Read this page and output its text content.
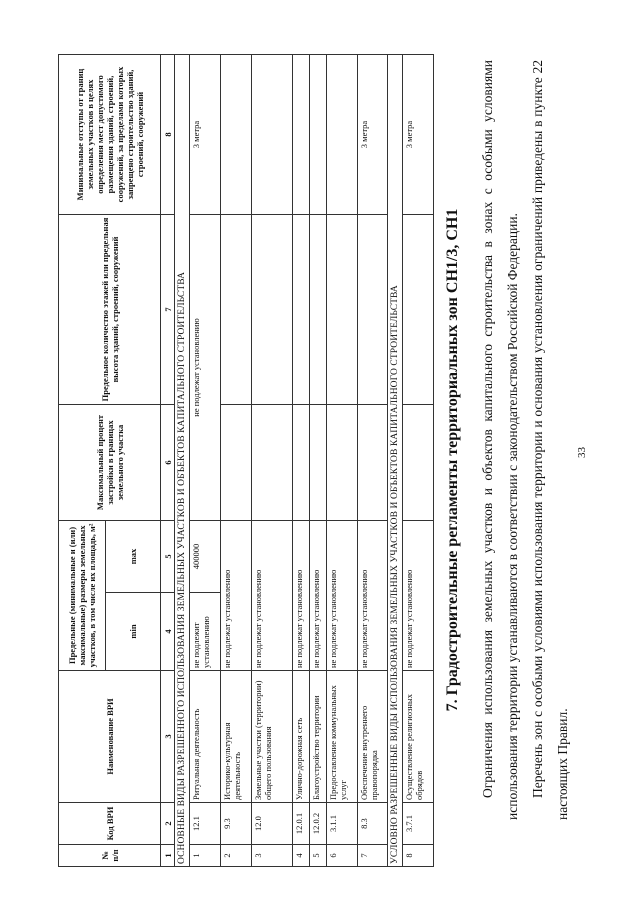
33

Ограничения использования земельных участков и объектов капитального строительства в зонах с особыми условиями использования территории устанавливаются в соответствии с законодательством Российской Федерации. Перечень зон с особыми условиями использования территории и основания установления ограничений приведены в пункте 22 настоящих Правил.

7. Градостроительные регламенты территориальных зон СН1/3, СН1
№ п/п	Код ВРИ	Наименование ВРИ	Предельные (минимальные и (или) максимальные) размеры земельных участков, в том числе их площадь, м²		Максимальный процент застройки в границах земельного участка	Предельное количество этажей или предельная высота зданий, строений, сооружений	Минимальные отступы от границ земельных участков в целях определения мест допустимого размещения зданий, строений, сооружений, за пределами которых запрещено строительство зданий, строений, сооружений
			min	max			
1	2	3	4	5	6	7	8

ОСНОВНЫЕ ВИДЫ РАЗРЕШЕННОГО ИСПОЛЬЗОВАНИЯ ЗЕМЕЛЬНЫХ УЧАСТКОВ И ОБЪЕКТОВ КАПИТАЛЬНОГО СТРОИТЕЛЬСТВА							

1	12.1	Ритуальная деятельность	не подлежит установлению	400000	не подлежат установлению		3 метра
2	9.3	Историко-культурная деятельность	не подлежат установлению				
3	12.0	Земельные участки (территории) общего пользования	не подлежат установлению				
4	12.0.1	Улично-дорожная сеть	не подлежат установлению				
5	12.0.2	Благоустройство территории	не подлежат установлению				
6	3.1.1	Предоставление коммунальных услуг	не подлежат установлению				
7	8.3	Обеспечение внутреннего правопорядка	не подлежат установлению				3 метра

УСЛОВНО РАЗРЕШЕННЫЕ ВИДЫ ИСПОЛЬЗОВАНИЯ ЗЕМЕЛЬНЫХ УЧАСТКОВ И ОБЪЕКТОВ КАПИТАЛЬНОГО СТРОИТЕЛЬСТВА							

8	3.7.1	Осуществление религиозных обрядов	не подлежат установлению				3 метра
